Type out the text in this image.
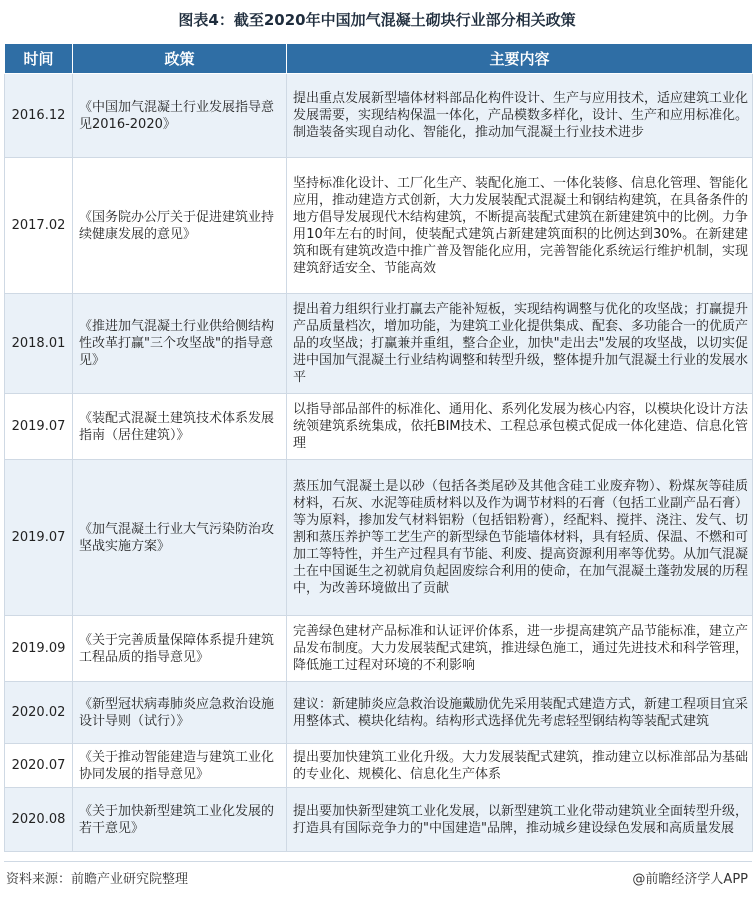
图表4：截至2020年中国加气混凝土砌块行业部分相关政策
时间	政策	主要内容
2016.12	《中国加气混凝土行业发展指导意见2016-2020》	提出重点发展新型墙体材料部品化构件设计、生产与应用技术，适应建筑工业化发展需要，实现结构保温一体化，产品模数多样化，设计、生产和应用标准化。制造装备实现自动化、智能化，推动加气混凝土行业技术进步
2017.02	《国务院办公厅关于促进建筑业持续健康发展的意见》	坚持标准化设计、工厂化生产、装配化施工、一体化装修、信息化管理、智能化应用，推动建造方式创新，大力发展装配式混凝土和钢结构建筑，在具备条件的地方倡导发展现代木结构建筑，不断提高装配式建筑在新建建筑中的比例。力争用10年左右的时间，使装配式建筑占新建建筑面积的比例达到30%。在新建建筑和既有建筑改造中推广普及智能化应用，完善智能化系统运行维护机制，实现建筑舒适安全、节能高效
2018.01	《推进加气混凝土行业供给侧结构性改革打赢"三个攻坚战"的指导意见》	提出着力组织行业打赢去产能补短板，实现结构调整与优化的攻坚战；打赢提升产品质量档次，增加功能，为建筑工业化提供集成、配套、多功能合一的优质产品的攻坚战；打赢兼并重组，整合企业，加快"走出去"发展的攻坚战，以切实促进中国加气混凝土行业结构调整和转型升级，整体提升加气混凝土行业的发展水平
2019.07	《装配式混凝土建筑技术体系发展指南（居住建筑）》	以指导部品部件的标准化、通用化、系列化发展为核心内容，以模块化设计方法统领建筑系统集成，依托BIM技术、工程总承包模式促成一体化建造、信息化管理
2019.07	《加气混凝土行业大气污染防治攻坚战实施方案》	蒸压加气混凝土是以砂（包括各类尾砂及其他含硅工业废弃物）、粉煤灰等硅质材料，石灰、水泥等硅质材料以及作为调节材料的石膏（包括工业副产品石膏）等为原料，掺加发气材料铝粉（包括铝粉膏），经配料、搅拌、浇注、发气、切割和蒸压养护等工艺生产的新型绿色节能墙体材料，具有轻质、保温、不燃和可加工等特性，并生产过程具有节能、利废、提高资源利用率等优势。从加气混凝土在中国诞生之初就肩负起固废综合利用的使命，在加气混凝土蓬勃发展的历程中，为改善环境做出了贡献
2019.09	《关于完善质量保障体系提升建筑工程品质的指导意见》	完善绿色建材产品标准和认证评价体系，进一步提高建筑产品节能标准，建立产品发布制度。大力发展装配式建筑，推进绿色施工，通过先进技术和科学管理，降低施工过程对环境的不利影响
2020.02	《新型冠状病毒肺炎应急救治设施设计导则（试行）》	建议：新建肺炎应急救治设施戴励优先采用装配式建造方式，新建工程项目宜采用整体式、模块化结构。结构形式选择优先考虑轻型钢结构等装配式建筑
2020.07	《关于推动智能建造与建筑工业化协同发展的指导意见》	提出要加快建筑工业化升级。大力发展装配式建筑，推动建立以标准部品为基础的专业化、规模化、信息化生产体系
2020.08	《关于加快新型建筑工业化发展的若干意见》	提出要加快新型建筑工业化发展，以新型建筑工业化带动建筑业全面转型升级，打造具有国际竞争力的"中国建造"品牌，推动城乡建设绿色发展和高质量发展
资料来源：前瞻产业研究院整理	@前瞻经济学人APP
